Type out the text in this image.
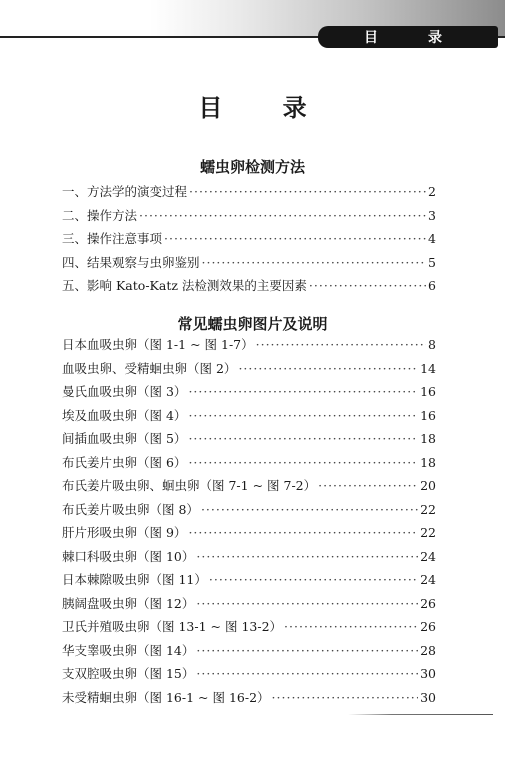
目	录
目 录
蠕虫卵检测方法
一、方法学的演变过程 ·····	2
二、操作方法 ·····	3
三、操作注意事项 ·····	4
四、结果观察与虫卵鉴别 ·····	5
五、影响 Kato-Katz 法检测效果的主要因素 ·····	6
常见蠕虫卵图片及说明
日本血吸虫卵（图 1-1 ~ 图 1-7） ·····	8
血吸虫卵、受精蛔虫卵（图 2） ·····	14
曼氏血吸虫卵（图 3） ·····	16
埃及血吸虫卵（图 4） ·····	16
间插血吸虫卵（图 5） ·····	18
布氏姜片虫卵（图 6） ·····	18
布氏姜片吸虫卵、蛔虫卵（图 7-1 ~ 图 7-2） ·····	20
布氏姜片吸虫卵（图 8） ·····	22
肝片形吸虫卵（图 9） ·····	22
棘口科吸虫卵（图 10） ·····	24
日本棘隙吸虫卵（图 11） ·····	24
胰阔盘吸虫卵（图 12） ·····	26
卫氏并殖吸虫卵（图 13-1 ~ 图 13-2） ·····	26
华支睾吸虫卵（图 14） ·····	28
支双腔吸虫卵（图 15） ·····	30
未受精蛔虫卵（图 16-1 ~ 图 16-2） ·····	30
